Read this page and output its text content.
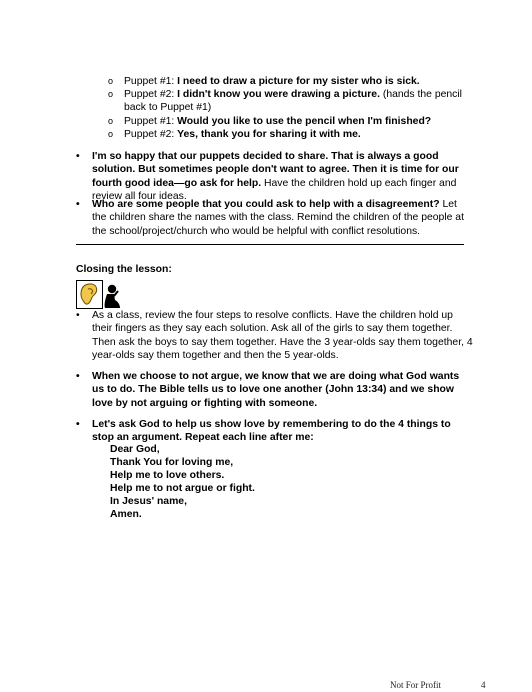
o Puppet #1: I need to draw a picture for my sister who is sick.
o Puppet #2: I didn't know you were drawing a picture. (hands the pencil back to Puppet #1)
o Puppet #1: Would you like to use the pencil when I'm finished?
o Puppet #2: Yes, thank you for sharing it with me.
• I'm so happy that our puppets decided to share. That is always a good solution. But sometimes people don't want to agree. Then it is time for our fourth good idea—go ask for help. Have the children hold up each finger and review all four ideas.
• Who are some people that you could ask to help with a disagreement? Let the children share the names with the class. Remind the children of the people at the school/project/church who would be helpful with conflict resolutions.
Closing the lesson:
• As a class, review the four steps to resolve conflicts. Have the children hold up their fingers as they say each solution. Ask all of the girls to say them together. Then ask the boys to say them together. Have the 3 year-olds say them together, 4 year-olds say them together and then the 5 year-olds.
• When we choose to not argue, we know that we are doing what God wants us to do. The Bible tells us to love one another (John 13:34) and we show love by not arguing or fighting with someone.
• Let's ask God to help us show love by remembering to do the 4 things to stop an argument. Repeat each line after me:
Dear God,
Thank You for loving me,
Help me to love others.
Help me to not argue or fight.
In Jesus' name,
Amen.
Not For Profit	4
